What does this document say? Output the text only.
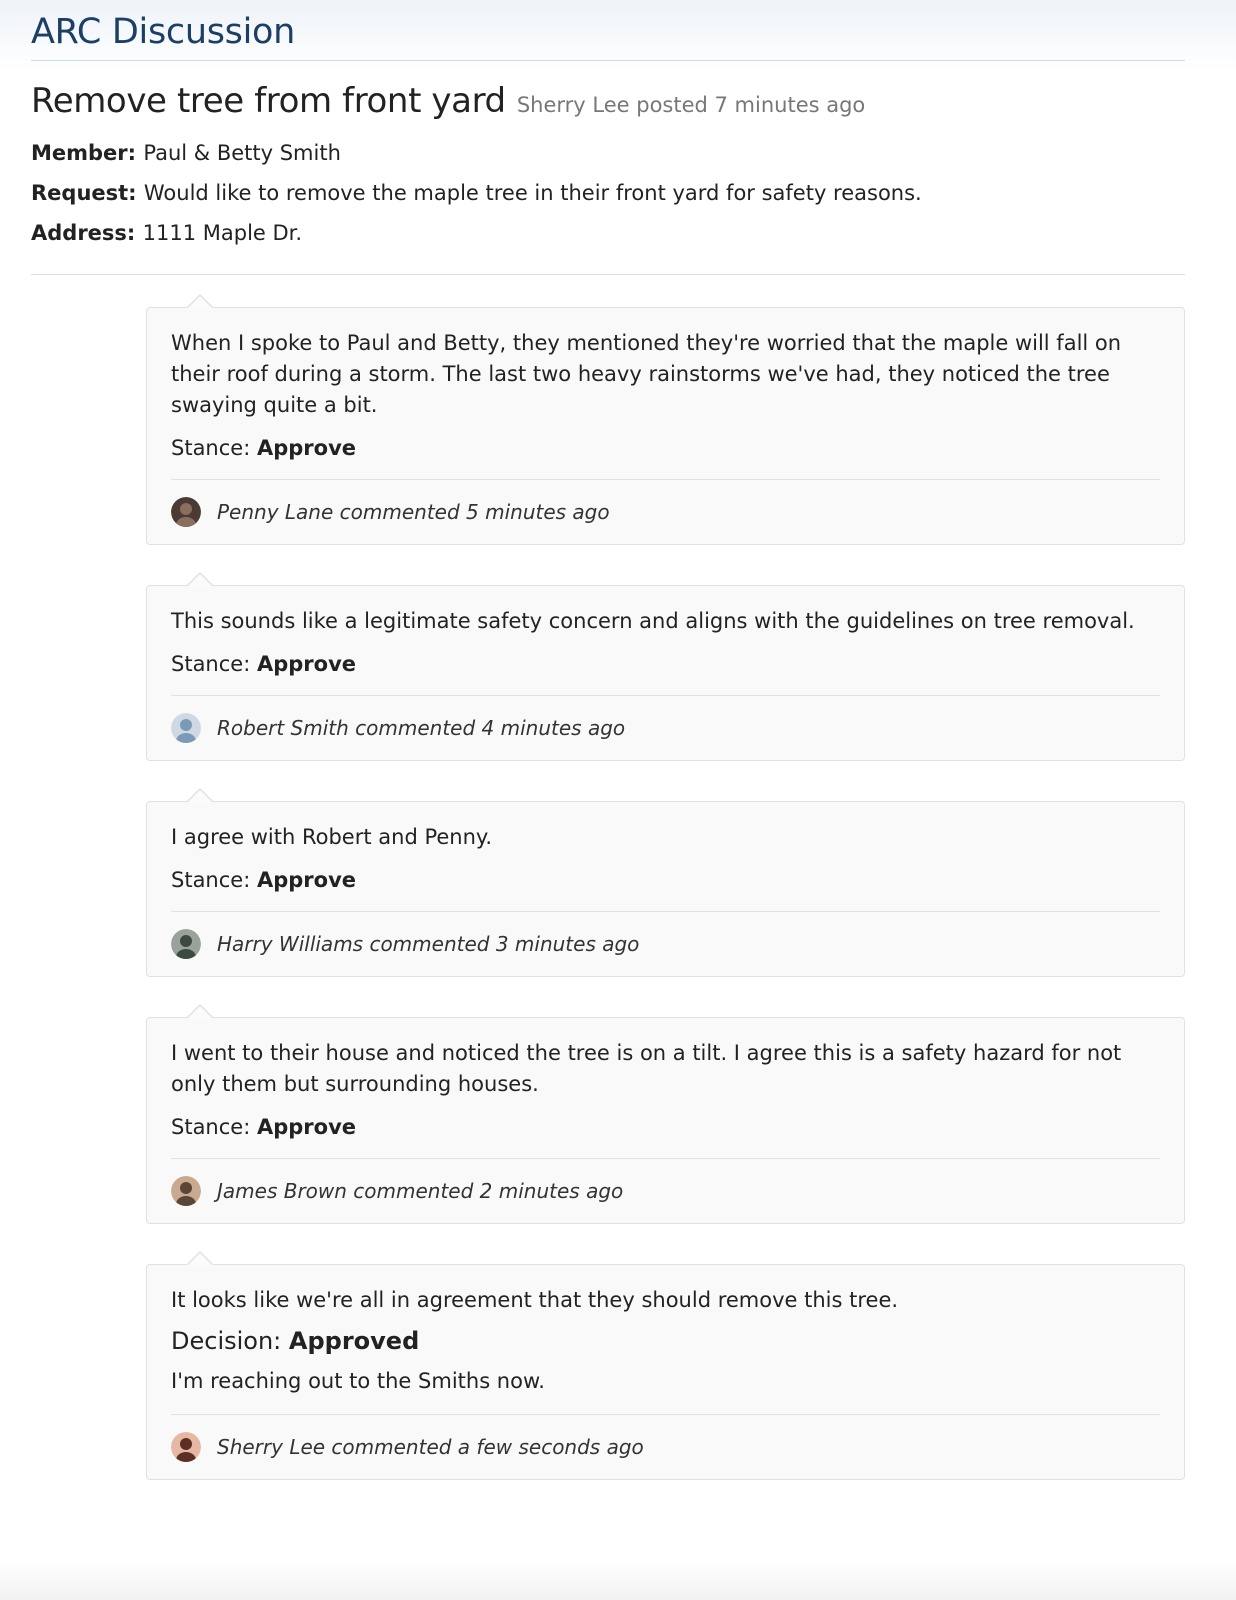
ARC Discussion
Remove tree from front yard Sherry Lee posted 7 minutes ago
Member: Paul & Betty Smith
Request: Would like to remove the maple tree in their front yard for safety reasons.
Address: 1111 Maple Dr.

When I spoke to Paul and Betty, they mentioned they're worried that the maple will fall on their roof during a storm. The last two heavy rainstorms we've had, they noticed the tree swaying quite a bit.

Stance: Approve
Penny Lane commented 5 minutes ago

This sounds like a legitimate safety concern and aligns with the guidelines on tree removal.

Stance: Approve
Robert Smith commented 4 minutes ago

I agree with Robert and Penny.

Stance: Approve
Harry Williams commented 3 minutes ago

I went to their house and noticed the tree is on a tilt. I agree this is a safety hazard for not only them but surrounding houses.

Stance: Approve
James Brown commented 2 minutes ago

It looks like we're all in agreement that they should remove this tree.

Decision: Approved
I'm reaching out to the Smiths now.
Sherry Lee commented a few seconds ago
